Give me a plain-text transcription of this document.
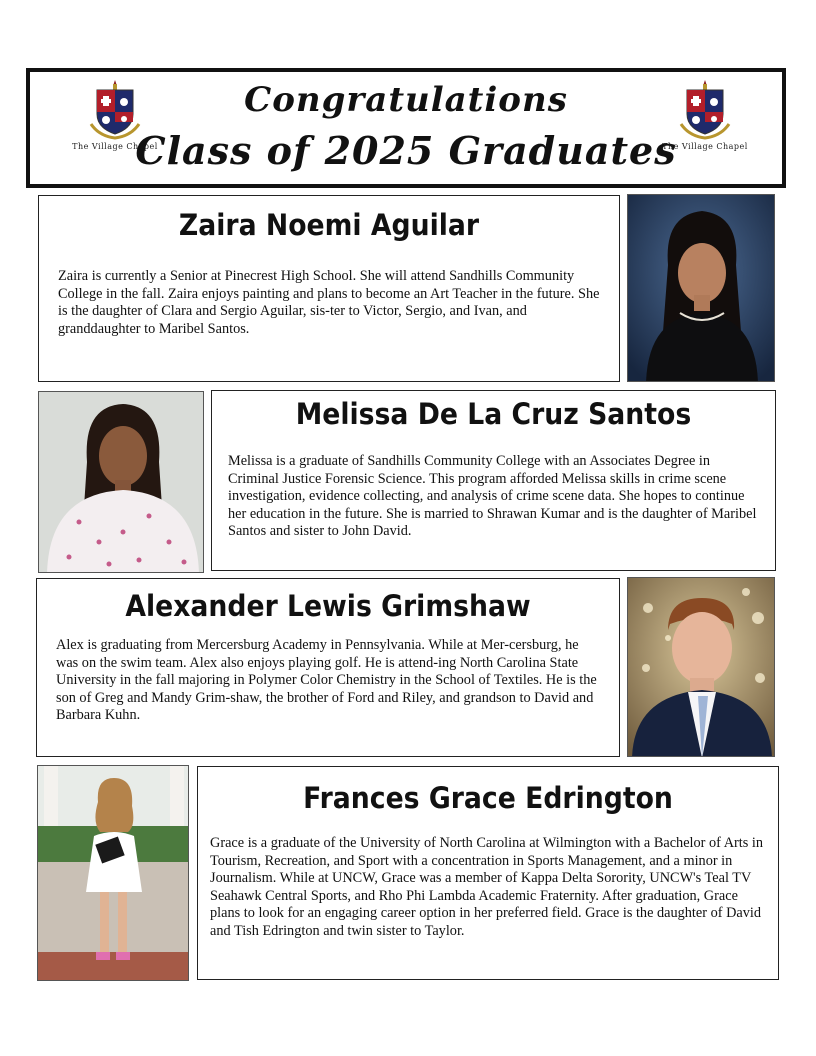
The Village Chapel
Congratulations
Class of 2025 Graduates
The Village Chapel
Zaira Noemi Aguilar
Zaira is currently a Senior at Pinecrest High School. She will attend Sandhills Community College in the fall. Zaira enjoys painting and plans to become an Art Teacher in the future. She is the daughter of Clara and Sergio Aguilar, sis-ter to Victor, Sergio, and Ivan, and granddaughter to Maribel Santos.
Melissa De La Cruz Santos
Melissa is a graduate of Sandhills Community College with an Associates Degree in Criminal Justice Forensic Science. This program afforded Melissa skills in crime scene investigation, evidence collecting, and analysis of crime scene data. She hopes to continue her education in the future. She is married to Shrawan Kumar and is the daughter of Maribel Santos and sister to John David.
Alexander Lewis Grimshaw
Alex is graduating from Mercersburg Academy in Pennsylvania. While at Mer-cersburg, he was on the swim team. Alex also enjoys playing golf. He is attend-ing North Carolina State University in the fall majoring in Polymer Color Chemistry in the School of Textiles. He is the son of Greg and Mandy Grim-shaw, the brother of Ford and Riley, and grandson to David and Barbara Kuhn.
Frances Grace Edrington
Grace is a graduate of the University of North Carolina at Wilmington with a Bachelor of Arts in Tourism, Recreation, and Sport with a concentration in Sports Management, and a minor in Journalism. While at UNCW, Grace was a member of Kappa Delta Sorority, UNCW's Teal TV Seahawk Central Sports, and Rho Phi Lambda Academic Fraternity. After graduation, Grace plans to look for an engaging career option in her preferred field. Grace is the daughter of David and Tish Edrington and twin sister to Taylor.
